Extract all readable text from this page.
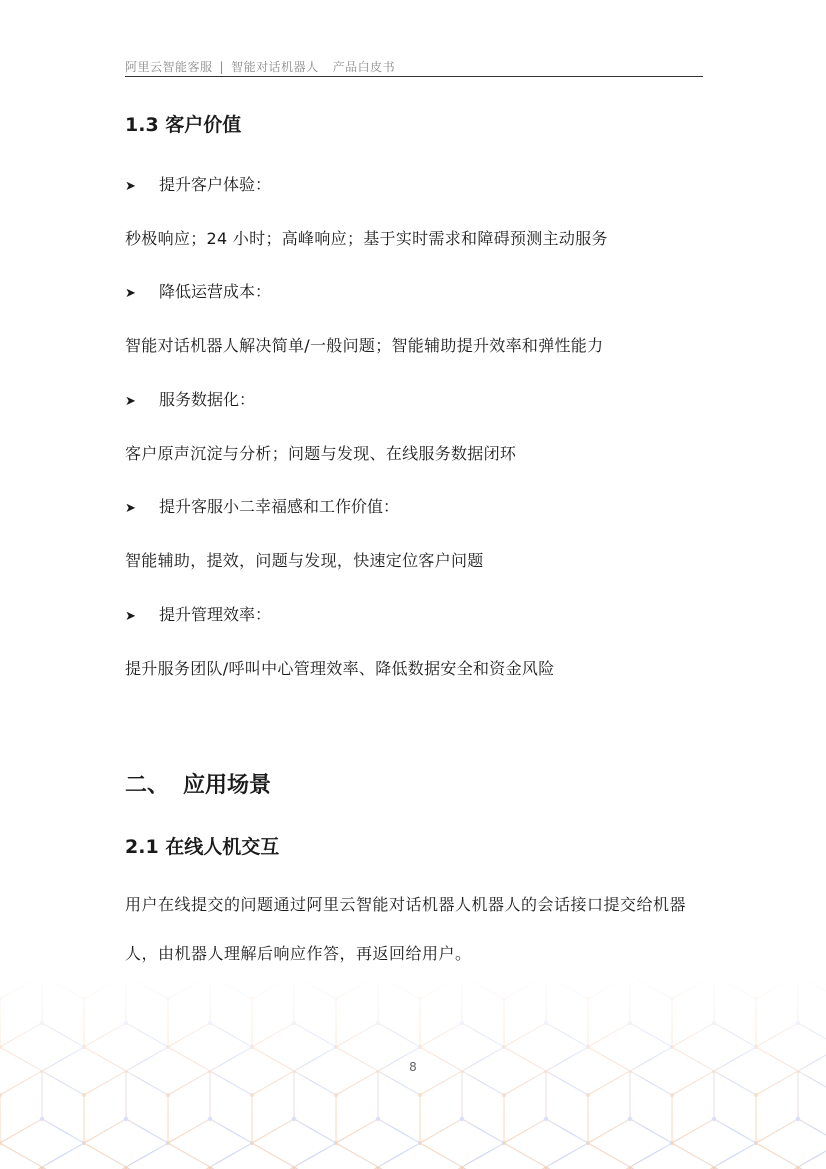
阿里云智能客服 | 智能对话机器人 产品白皮书
1.3 客户价值
➤ 提升客户体验：
秒极响应；24 小时；高峰响应；基于实时需求和障碍预测主动服务
➤ 降低运营成本：
智能对话机器人解决简单/一般问题；智能辅助提升效率和弹性能力
➤ 服务数据化：
客户原声沉淀与分析；问题与发现、在线服务数据闭环
➤ 提升客服小二幸福感和工作价值：
智能辅助，提效，问题与发现，快速定位客户问题
➤ 提升管理效率：
提升服务团队/呼叫中心管理效率、降低数据安全和资金风险
二、 应用场景
2.1 在线人机交互
用户在线提交的问题通过阿里云智能对话机器人机器人的会话接口提交给机器人，由机器人理解后响应作答，再返回给用户。
8
